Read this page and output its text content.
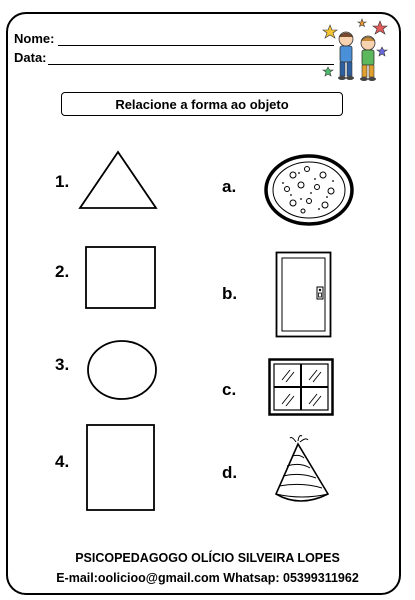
Nome:
Data:
Relacione a forma ao objeto
1.
2.
3.
4.
a.
b.
c.
d.
PSICOPEDAGOGO OLÍCIO SILVEIRA LOPES
E-mail:oolicioo@gmail.com Whatsap: 05399311962
